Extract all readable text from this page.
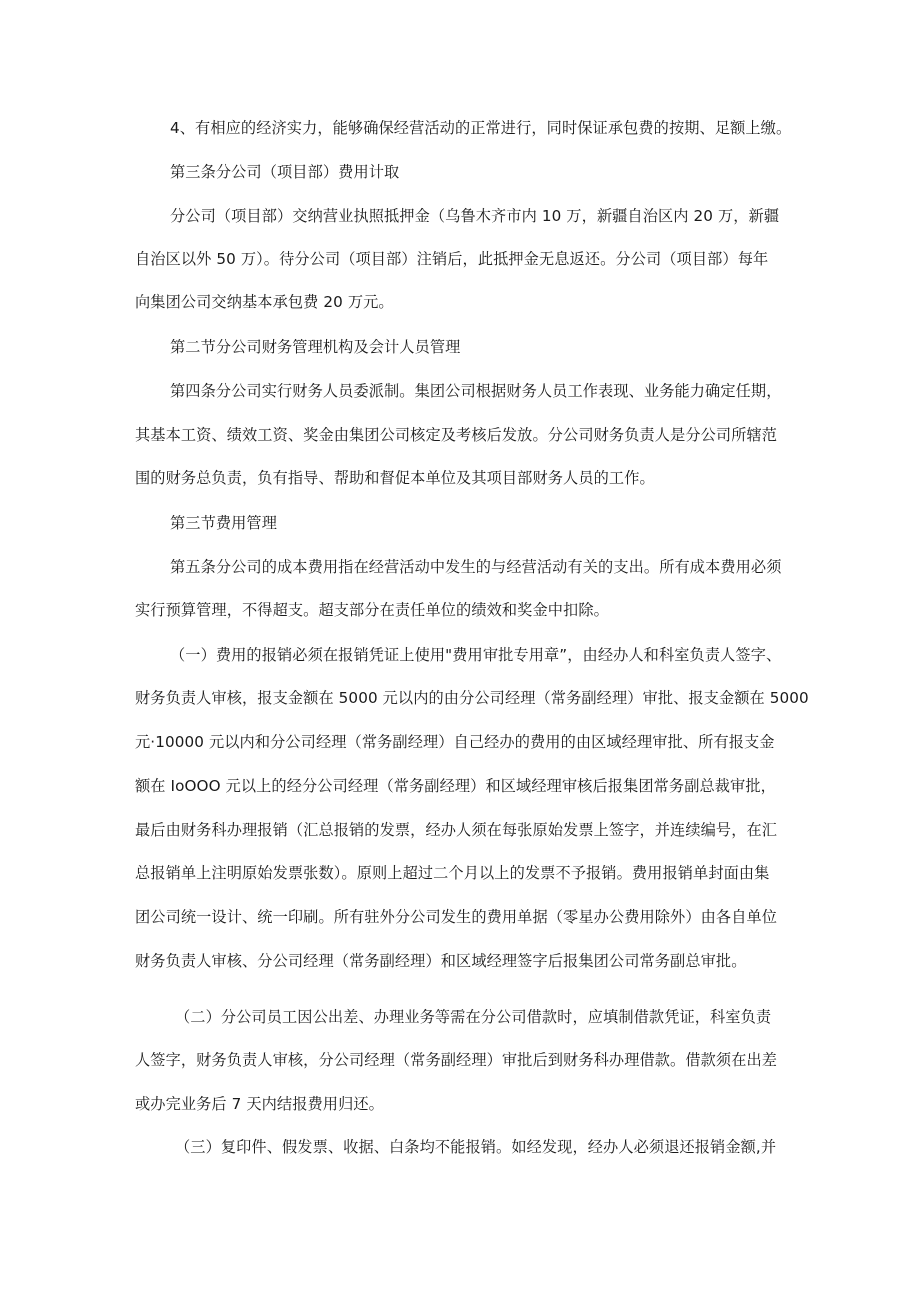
4、有相应的经济实力，能够确保经营活动的正常进行，同时保证承包费的按期、足额上缴。
第三条分公司（项目部）费用计取
分公司（项目部）交纳营业执照抵押金（乌鲁木齐市内 10 万，新疆自治区内 20 万，新疆
自治区以外 50 万）。待分公司（项目部）注销后，此抵押金无息返还。分公司（项目部）每年
向集团公司交纳基本承包费 20 万元。
第二节分公司财务管理机构及会计人员管理
第四条分公司实行财务人员委派制。集团公司根据财务人员工作表现、业务能力确定任期，
其基本工资、绩效工资、奖金由集团公司核定及考核后发放。分公司财务负责人是分公司所辖范
围的财务总负责，负有指导、帮助和督促本单位及其项目部财务人员的工作。
第三节费用管理
第五条分公司的成本费用指在经营活动中发生的与经营活动有关的支出。所有成本费用必须
实行预算管理，不得超支。超支部分在责任单位的绩效和奖金中扣除。
（一）费用的报销必须在报销凭证上使用"费用审批专用章”，由经办人和科室负责人签字、
财务负责人审核，报支金额在 5000 元以内的由分公司经理（常务副经理）审批、报支金额在 5000
元·10000 元以内和分公司经理（常务副经理）自己经办的费用的由区域经理审批、所有报支金
额在 IoOOO 元以上的经分公司经理（常务副经理）和区域经理审核后报集团常务副总裁审批，
最后由财务科办理报销（汇总报销的发票，经办人须在每张原始发票上签字，并连续编号，在汇
总报销单上注明原始发票张数）。原则上超过二个月以上的发票不予报销。费用报销单封面由集
团公司统一设计、统一印刷。所有驻外分公司发生的费用单据（零星办公费用除外）由各自单位
财务负责人审核、分公司经理（常务副经理）和区域经理签字后报集团公司常务副总审批。
（二）分公司员工因公出差、办理业务等需在分公司借款时，应填制借款凭证，科室负责
人签字，财务负责人审核，分公司经理（常务副经理）审批后到财务科办理借款。借款须在出差
或办完业务后 7 天内结报费用归还。
（三）复印件、假发票、收据、白条均不能报销。如经发现，经办人必须退还报销金额,并
